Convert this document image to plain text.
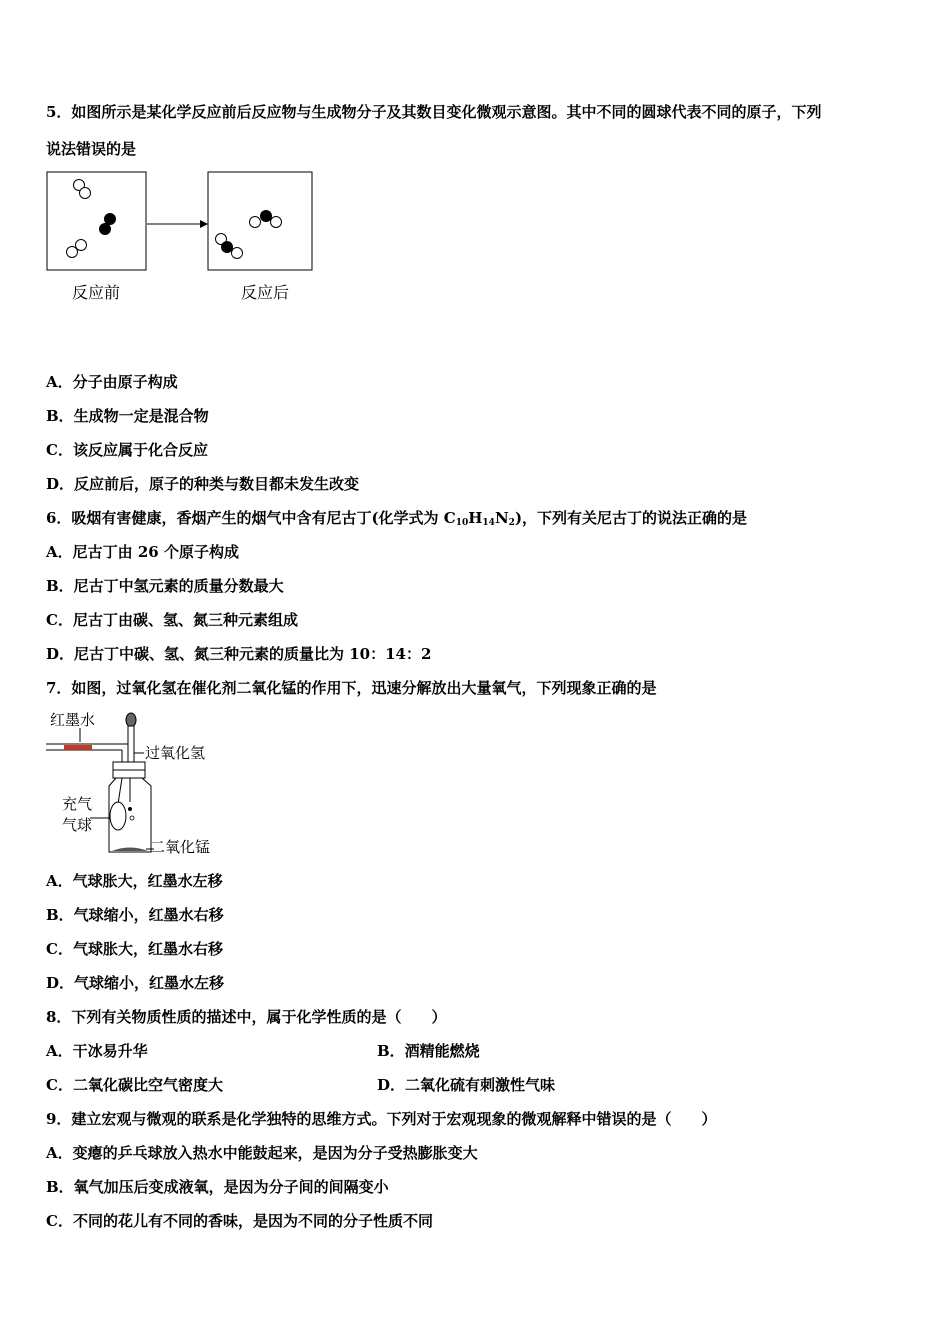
5．如图所示是某化学反应前后反应物与生成物分子及其数目变化微观示意图。其中不同的圆球代表不同的原子，下列
说法错误的是
反应前	反应后
A．分子由原子构成
B．生成物一定是混合物
C．该反应属于化合反应
D．反应前后，原子的种类与数目都未发生改变
6．吸烟有害健康，香烟产生的烟气中含有尼古丁(化学式为 $C_{10}H_{14}N_2$)，下列有关尼古丁的说法正确的是
A．尼古丁由 26 个原子构成
B．尼古丁中氢元素的质量分数最大
C．尼古丁由碳、氢、氮三种元素组成
D．尼古丁中碳、氢、氮三种元素的质量比为 10：14：2
7．如图，过氧化氢在催化剂二氧化锰的作用下，迅速分解放出大量氧气，下列现象正确的是
红墨水
过氧化氢
充气
气球
二氧化锰
A．气球胀大，红墨水左移
B．气球缩小，红墨水右移
C．气球胀大，红墨水右移
D．气球缩小，红墨水左移
8．下列有关物质性质的描述中，属于化学性质的是（　　）
A．干冰易升华	B．酒精能燃烧
C．二氧化碳比空气密度大	D．二氧化硫有刺激性气味
9．建立宏观与微观的联系是化学独特的思维方式。下列对于宏观现象的微观解释中错误的是（　　）
A．变瘪的乒乓球放入热水中能鼓起来，是因为分子受热膨胀变大
B．氧气加压后变成液氧，是因为分子间的间隔变小
C．不同的花儿有不同的香味，是因为不同的分子性质不同
